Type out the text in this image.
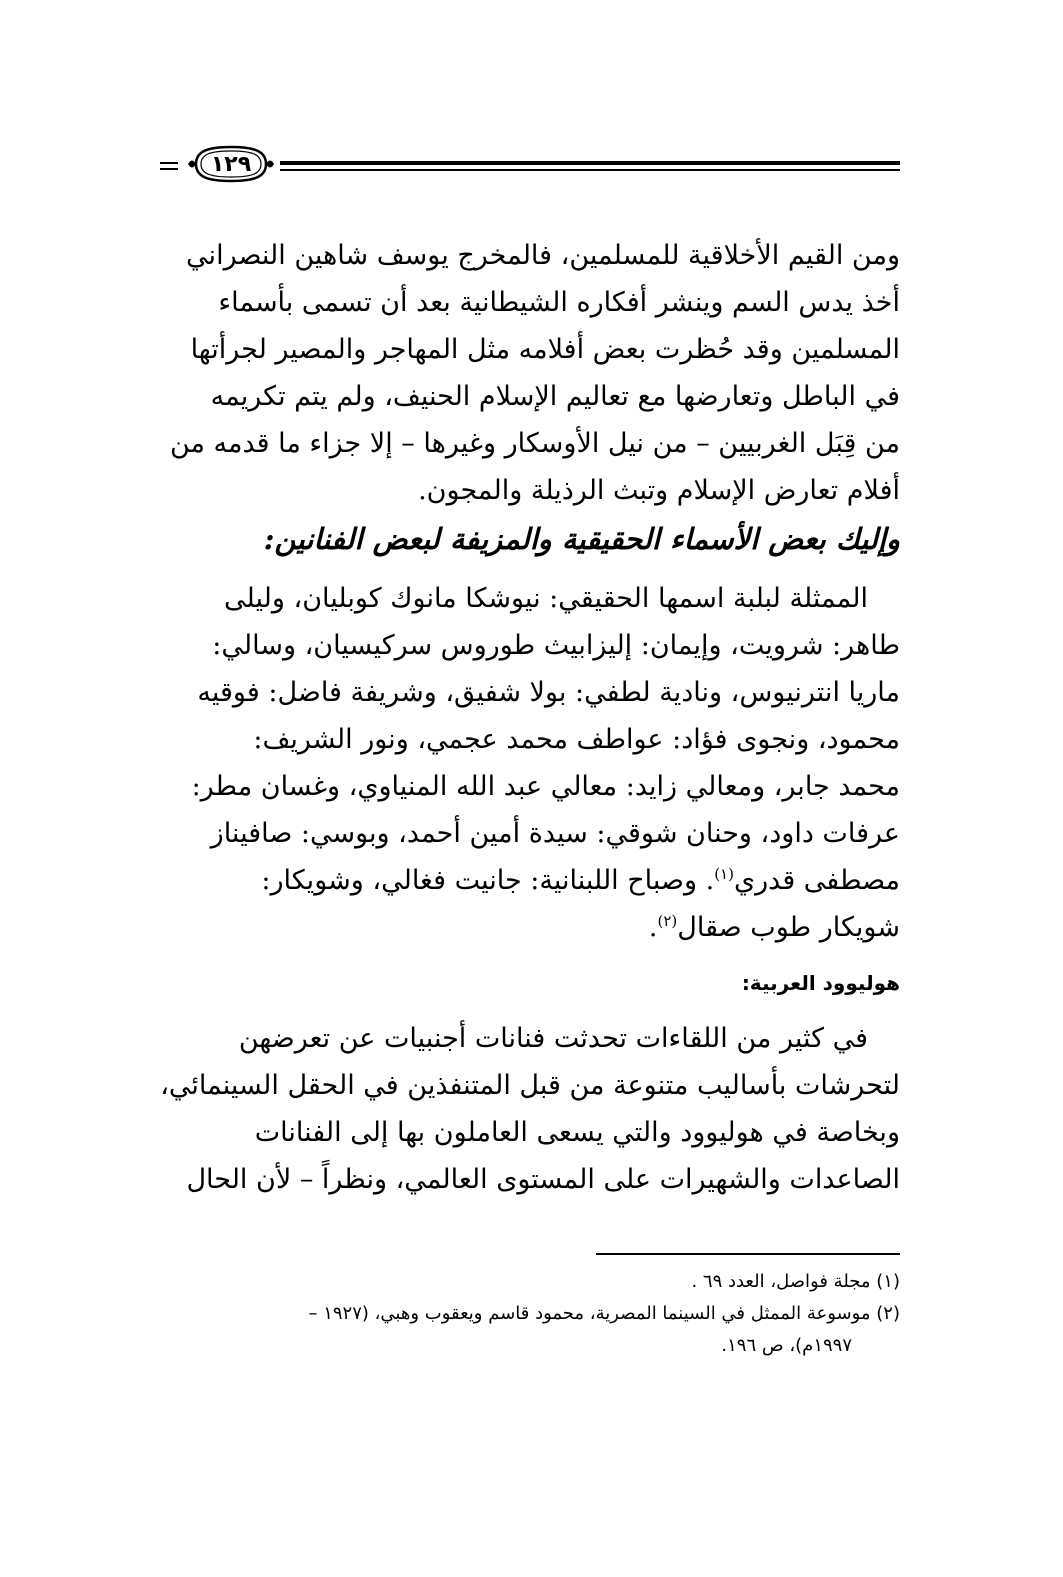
١٢٩
ومن القيم الأخلاقية للمسلمين، فالمخرج يوسف شاهين النصراني
أخذ يدس السم وينشر أفكاره الشيطانية بعد أن تسمى بأسماء
المسلمين وقد حُظرت بعض أفلامه مثل المهاجر والمصير لجرأتها
في الباطل وتعارضها مع تعاليم الإسلام الحنيف، ولم يتم تكريمه
من قِبَل الغربيين – من نيل الأوسكار وغيرها – إلا جزاء ما قدمه من
أفلام تعارض الإسلام وتبث الرذيلة والمجون.
وإليك بعض الأسماء الحقيقية والمزيفة لبعض الفنانين:
الممثلة لبلبة اسمها الحقيقي: نيوشكا مانوك كوبليان، وليلى
طاهر: شرويت، وإيمان: إليزابيث طوروس سركيسيان، وسالي:
ماريا انترنيوس، ونادية لطفي: بولا شفيق، وشريفة فاضل: فوقيه
محمود، ونجوى فؤاد: عواطف محمد عجمي، ونور الشريف:
محمد جابر، ومعالي زايد: معالي عبد الله المنياوي، وغسان مطر:
عرفات داود، وحنان شوقي: سيدة أمين أحمد، وبوسي: صافيناز
مصطفى قدري$^{(١)}$. وصباح اللبنانية: جانيت فغالي، وشويكار:
شويكار طوب صقال$^{(٢)}$.
هوليوود العربية:
في كثير من اللقاءات تحدثت فنانات أجنبيات عن تعرضهن
لتحرشات بأساليب متنوعة من قبل المتنفذين في الحقل السينمائي،
وبخاصة في هوليوود والتي يسعى العاملون بها إلى الفنانات
الصاعدات والشهيرات على المستوى العالمي، ونظراً – لأن الحال
(١) مجلة فواصل، العدد ٦٩ .
(٢) موسوعة الممثل في السينما المصرية، محمود قاسم ويعقوب وهبي، (١٩٢٧ –
١٩٩٧م)، ص ١٩٦.
